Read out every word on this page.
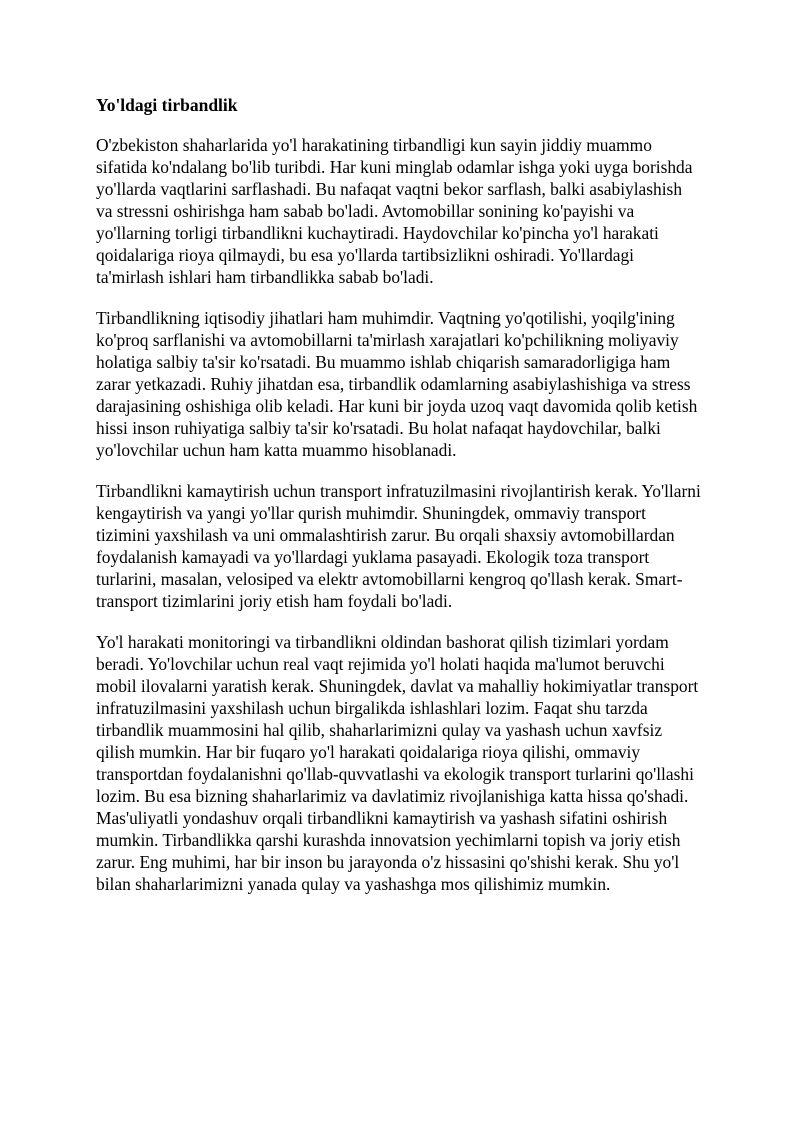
Yo'ldagi tirbandlik

O'zbekiston shaharlarida yo'l harakatining tirbandligi kun sayin jiddiy muammo sifatida ko'ndalang bo'lib turibdi. Har kuni minglab odamlar ishga yoki uyga borishda yo'llarda vaqtlarini sarflashadi. Bu nafaqat vaqtni bekor sarflash, balki asabiylashish va stressni oshirishga ham sabab bo'ladi. Avtomobillar sonining ko'payishi va yo'llarning torligi tirbandlikni kuchaytiradi. Haydovchilar ko'pincha yo'l harakati qoidalariga rioya qilmaydi, bu esa yo'llarda tartibsizlikni oshiradi. Yo'llardagi ta'mirlash ishlari ham tirbandlikka sabab bo'ladi.

Tirbandlikning iqtisodiy jihatlari ham muhimdir. Vaqtning yo'qotilishi, yoqilg'ining ko'proq sarflanishi va avtomobillarni ta'mirlash xarajatlari ko'pchilikning moliyaviy holatiga salbiy ta'sir ko'rsatadi. Bu muammo ishlab chiqarish samaradorligiga ham zarar yetkazadi. Ruhiy jihatdan esa, tirbandlik odamlarning asabiylashishiga va stress darajasining oshishiga olib keladi. Har kuni bir joyda uzoq vaqt davomida qolib ketish hissi inson ruhiyatiga salbiy ta'sir ko'rsatadi. Bu holat nafaqat haydovchilar, balki yo'lovchilar uchun ham katta muammo hisoblanadi.

Tirbandlikni kamaytirish uchun transport infratuzilmasini rivojlantirish kerak. Yo'llarni kengaytirish va yangi yo'llar qurish muhimdir. Shuningdek, ommaviy transport tizimini yaxshilash va uni ommalashtirish zarur. Bu orqali shaxsiy avtomobillardan foydalanish kamayadi va yo'llardagi yuklama pasayadi. Ekologik toza transport turlarini, masalan, velosiped va elektr avtomobillarni kengroq qo'llash kerak. Smart-transport tizimlarini joriy etish ham foydali bo'ladi.

Yo'l harakati monitoringi va tirbandlikni oldindan bashorat qilish tizimlari yordam beradi. Yo'lovchilar uchun real vaqt rejimida yo'l holati haqida ma'lumot beruvchi mobil ilovalarni yaratish kerak. Shuningdek, davlat va mahalliy hokimiyatlar transport infratuzilmasini yaxshilash uchun birgalikda ishlashlari lozim. Faqat shu tarzda tirbandlik muammosini hal qilib, shaharlarimizni qulay va yashash uchun xavfsiz qilish mumkin. Har bir fuqaro yo'l harakati qoidalariga rioya qilishi, ommaviy transportdan foydalanishni qo'llab-quvvatlashi va ekologik transport turlarini qo'llashi lozim. Bu esa bizning shaharlarimiz va davlatimiz rivojlanishiga katta hissa qo'shadi. Mas'uliyatli yondashuv orqali tirbandlikni kamaytirish va yashash sifatini oshirish mumkin. Tirbandlikka qarshi kurashda innovatsion yechimlarni topish va joriy etish zarur. Eng muhimi, har bir inson bu jarayonda o'z hissasini qo'shishi kerak. Shu yo'l bilan shaharlarimizni yanada qulay va yashashga mos qilishimiz mumkin.
